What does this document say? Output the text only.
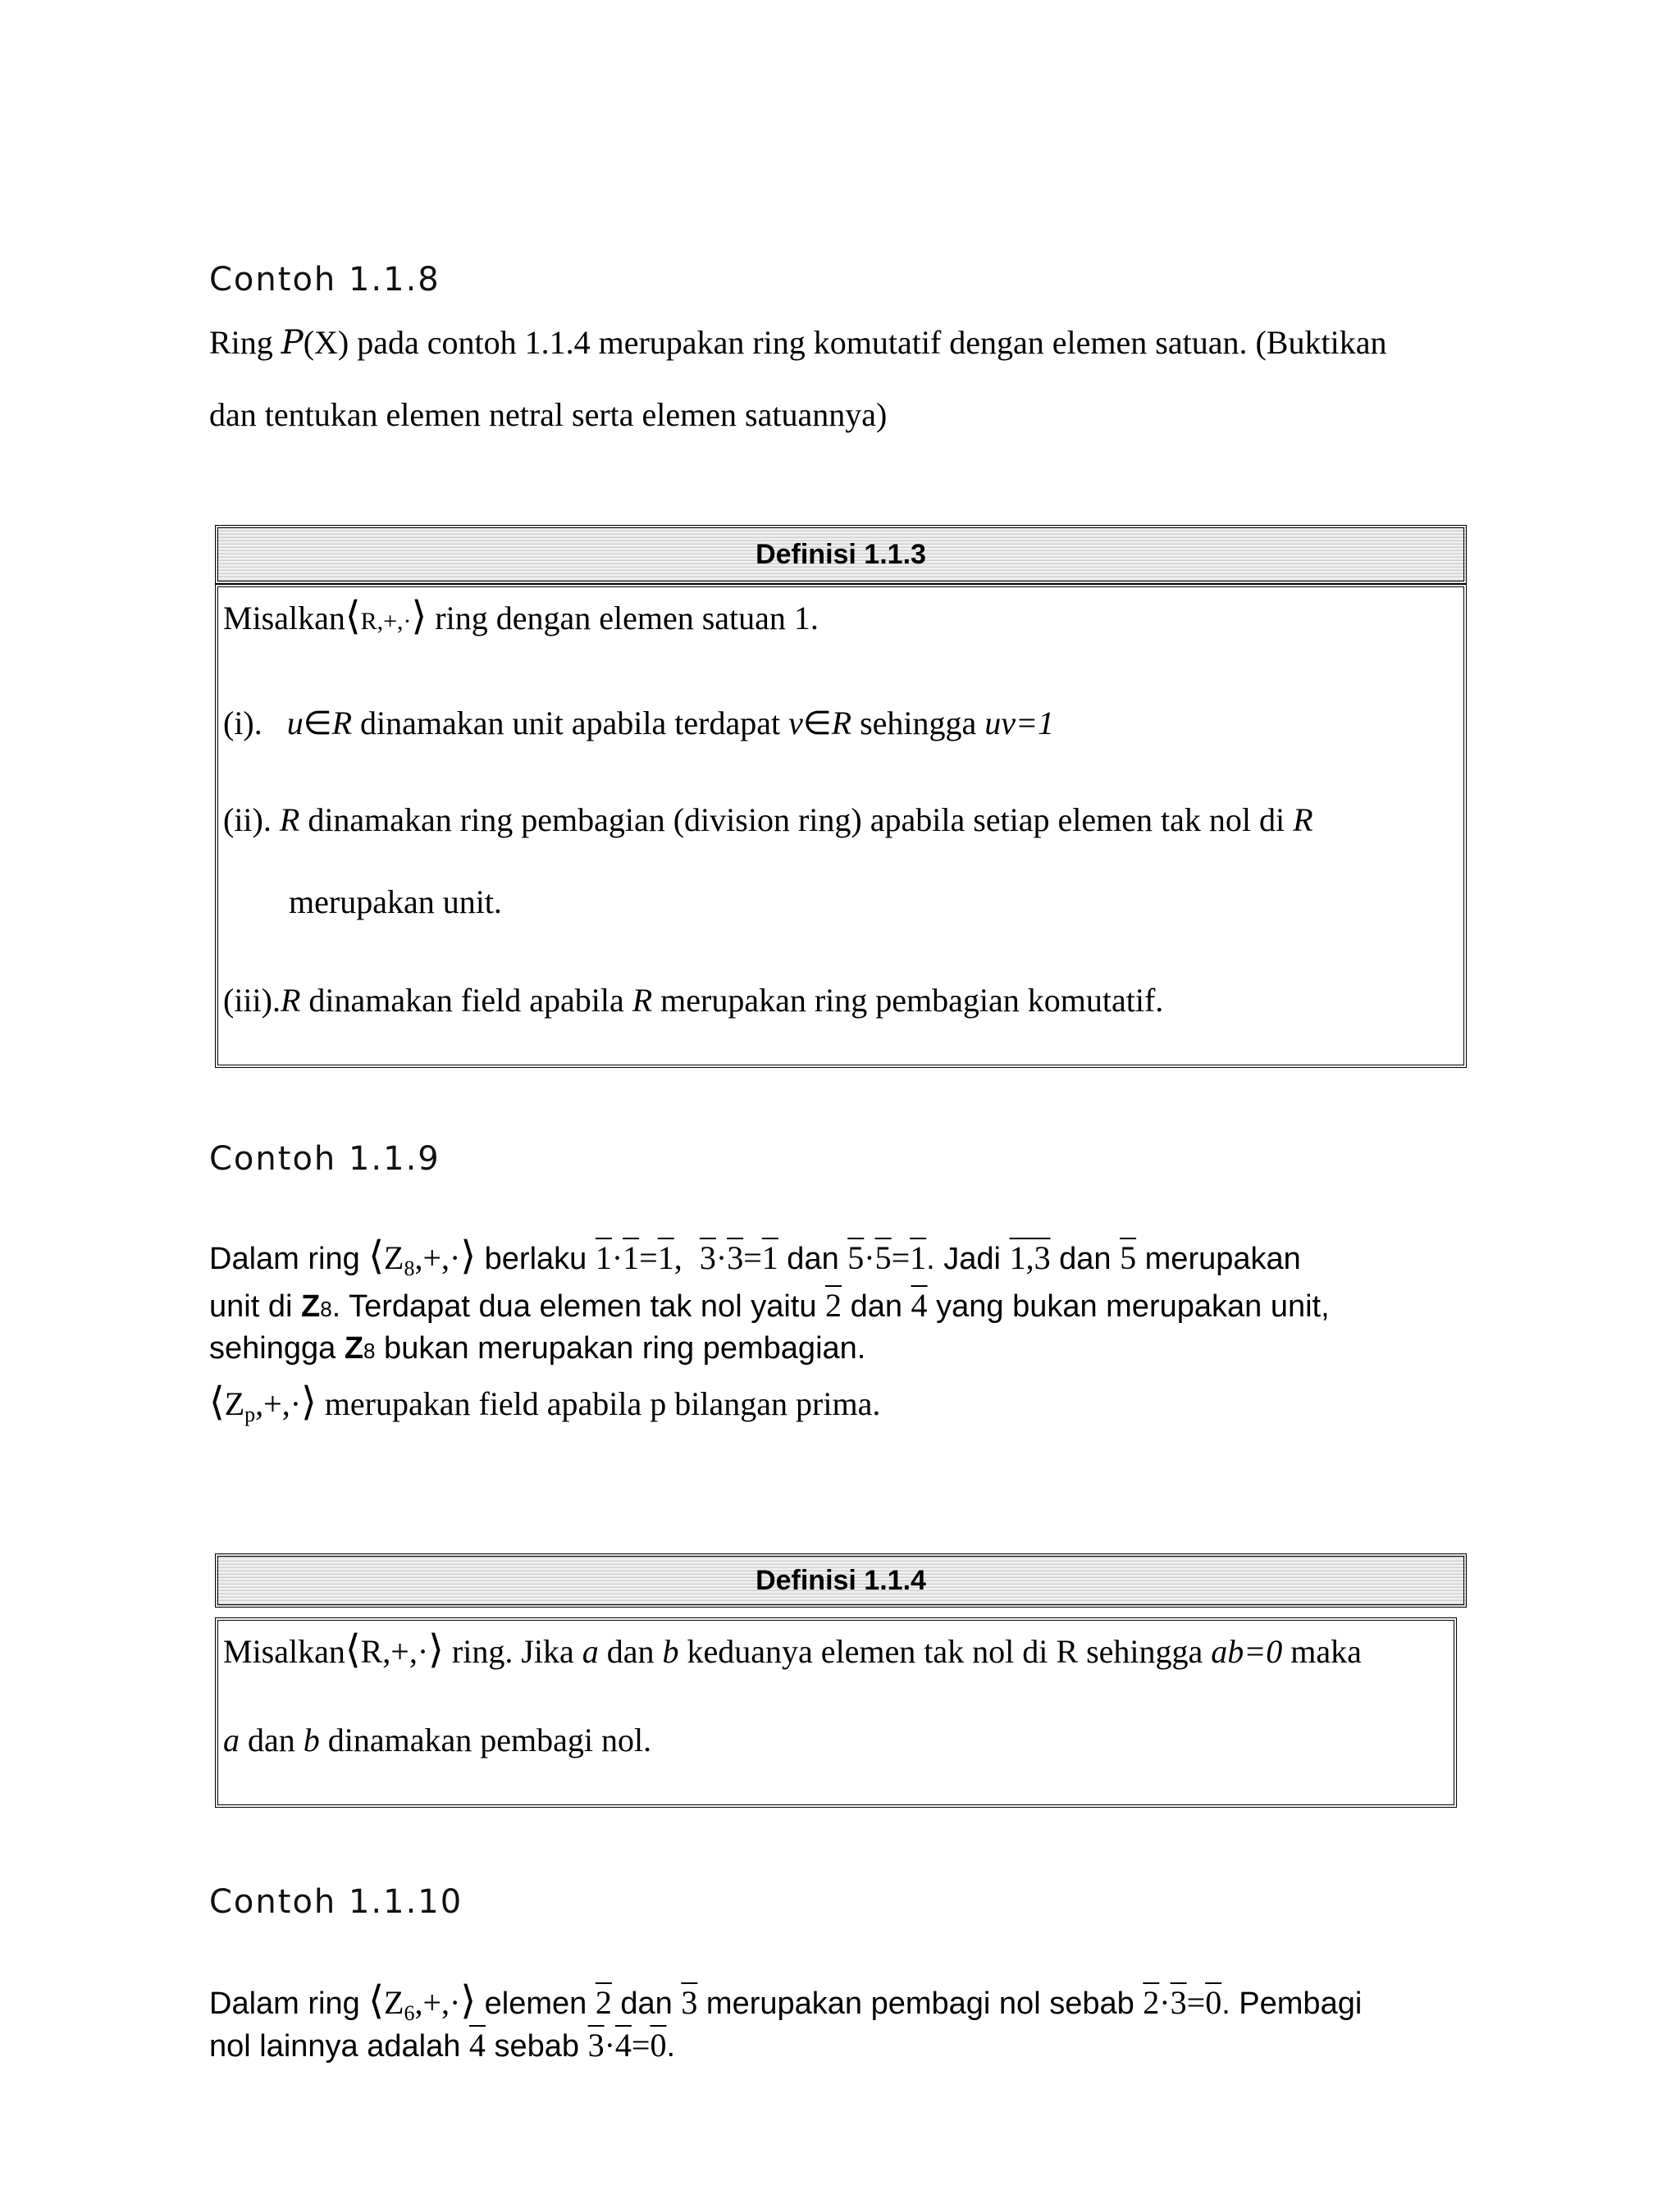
Contoh 1.1.8
Ring P(X) pada contoh 1.1.4 merupakan ring komutatif dengan elemen satuan. (Buktikan
dan tentukan elemen netral serta elemen satuannya)
Definisi 1.1.3
Misalkan⟨R,+,·⟩ ring dengan elemen satuan 1.
(i). u∈R dinamakan unit apabila terdapat v∈R sehingga uv=1
(ii). R dinamakan ring pembagian (division ring) apabila setiap elemen tak nol di R
merupakan unit.
(iii).R dinamakan field apabila R merupakan ring pembagian komutatif.
Contoh 1.1.9
Dalam ring $⟨Z_8,+,\cdot⟩$ berlaku 1·1=1, 3·3=1 dan 5·5=1. Jadi 1,3 dan 5 merupakan
unit di Z8. Terdapat dua elemen tak nol yaitu 2 dan 4 yang bukan merupakan unit,
sehingga Z8 bukan merupakan ring pembagian.
$⟨Z_p,+,\cdot⟩$ merupakan field apabila p bilangan prima.
Definisi 1.1.4
Misalkan⟨R,+,·⟩ ring. Jika a dan b keduanya elemen tak nol di R sehingga ab=0 maka
a dan b dinamakan pembagi nol.
Contoh 1.1.10
Dalam ring $⟨Z_6,+,\cdot⟩$ elemen 2 dan 3 merupakan pembagi nol sebab 2·3=0. Pembagi
nol lainnya adalah 4 sebab 3·4=0.
